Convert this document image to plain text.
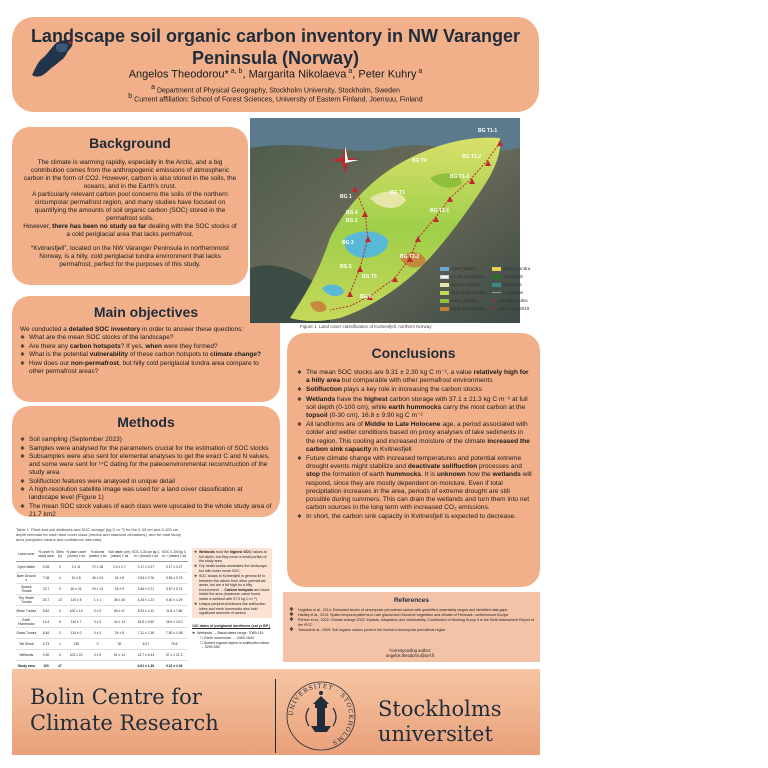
Landscape soil organic carbon inventory in NW Varanger
Peninsula (Norway)
Angelos Theodorou* $^{a, b}$, Margarita Nikolaeva $^a$, Peter Kuhry $^a$
a Department of Physical Geography, Stockholm University, Stockholm, Sweden
b Current affiliation: School of Forest Sciences, University of Eastern Finland, Joensuu, Finland
Background

The climate is warming rapidly, especially in the Arctic, and a big contribution comes from the anthropogenic emissions of atmospheric carbon in the form of CO2. However, carbon is also stored in the soils, the oceans, and in the Earth’s crust.

A particularly relevant carbon pool concerns the soils of the northern circumpolar permafrost region, and many studies have focused on quantifying the amounts of soil organic carbon (SOC) stored in the permafrost soils.

However, there has been no study so far dealing with the SOC stocks of a cold periglacial area that lacks permafrost.

“Kvitnesfjell”, located on the NW Varanger Peninsula in northernmost Norway, is a hilly, cold periglacial tundra environment that lacks permafrost, perfect for the purposes of this study.

Main objectives

We conducted a detailed SOC inventory in order to answer these questions:

❖ What are the mean SOC stocks of the landscape?
❖ Are there any carbon hotspots? If yes, when were they formed?
❖ What is the potential vulnerability of these carbon hotspots to climate change?
❖ How does our non-permafrost, but hilly cold periglacial tundra area compare to other permafrost areas?
Methods
❖ Soil sampling (September 2023)
❖ Samples were analysed for the parameters crucial for the estimation of SOC stocks
❖ Subsamples were also sent for elemental analyses to get the exact C and N values, and some were sent for ¹⁴C dating for the paleoenvironmental reconstruction of the study area
❖ Solifluction features were analysed in unique detail
❖ A high-resolution satellite image was used for a land cover classification at landscape level (Figure 1)
❖ The mean SOC stock values of each class were upscaled to the whole study area of 21.7 km2
BG T1-1
BG T1-2
BG T1-3
BG T2-1
BG T2-2
BG 1
BG 2
BG 3
BG 4
BG T3
BG T4
BG T5
BG 5
BG 6
Open Water
Snow Snowbeds
Sparse Tundra
Dry Heath Tundra
Mesic Tundra
Earth Hummocks
Grass Tundra
Tall Shrub
Wetlands
Footpaths
▲ Sampling sites
✶ Sites from 2018
Figure 1. Land cover classification of Kvitnesfjell, northern Norway
Table 1. Plant and soil attributes and SOC storage (kg C m⁻²) for the 0-30 cm and 0-100 cm depth intervals for each land cover class (means and standard deviations), and for total study area (weighted means and confidence intervals).
Land cover	% cover in study area	Sites (n)	% plant cover (mean) ± sd	% stones (mean) ± sd	Soil depth (cm) (mean) ± sd	SOC 0-30 cm kg C m⁻² (mean) ± sd	SOC 0-100 kg C m⁻² (mean) ± sd
Open Water	0.26	0	3 ± 11	72 ± 18	2.3 ± 2.7	0.17 ± 0.27	0.17 ± 0.27
Bare Ground s	7.08	4	10 ± 8	46 ± 24	24 ± 8	0.54 ± 0.76	0.54 ± 0.76
Sparse Tundra	23.7	9	60 ± 22	29 ± 13	18 ± 9	3.46 ± 0.71	3.57 ± 0.74
Dry Heath Tundra	23.7	13	110 ± 8	1 ± 1	38 ± 26	4.26 ± 1.23	5.40 ± 4.29
Mesic Tundra	8.82	3	100 ± 14	0 ± 0	65 ± 47	8.33 ± 1.22	11.8 ± 7.86
Earth Hummocks	13.4	6	110 ± 7	0 ± 0	44 ± 13	16.8 ± 9.90	16.9 ± 10.0
Grass Tundra	8.46	2	110 ± 0	0 ± 0	24 ± 8	7.11 ± 1.38	7.50 ± 1.96
Tall Shrub	0.73	1	135	0	92	6.07	76.6
Wetlands	0.30	4	103 ± 22	0 ± 0	61 ± 14	13.7 ± 6.34	37.1 ± 21.3
Study area	100	47				6.81 ± 1.36	9.31 ± 2.30
❖ Wetlands hold the highest SOC values at full depth, but they cover a small portion of the study area
❖ Dry heath tundra dominates the landscape, but with lower mean SOC
❖ SOC stocks in Kvitnesfjell in general lie in between the values from other permafrost areas, but are a bit high for a hilly environment → Carbon hotspots are found inside the area (maximum value found inside a wetland with 97.5 kg C m⁻²)
❖ Unique peripheral features like solifluction lobes and earth hummocks also hold significant amounts of carbon
14C dates of periglacial landforms (cal yr BP )
❖ Wetlands → Basal dates range: 7089-119
☐ Earth hummocks → 4363-1644
☐ Buried organic layers in solifluction lobes → 3250-950
Conclusions
❖ The mean SOC stocks are 9.31 ± 2.30 kg C m⁻², a value relatively high for a hilly area but comparable with other permafrost environments
❖ Solifluction plays a key role in increasing the carbon stocks
❖ Wetlands have the highest carbon storage with 37.1 ± 21.3 kg C m⁻² at full soil depth (0-100 cm), while earth hummocks carry the most carbon at the topsoil (0-30 cm), 16.8 ± 9.90 kg C m⁻²
❖ All landforms are of Middle to Late Holocene age, a period associated with colder and wetter conditions based on proxy analyses of lake sediments in the region. This cooling and increased moisture of the climate increased the carbon sink capacity in Kvitnesfjell
❖ Future climate change with increased temperatures and potential extreme drought events might stabilize and deactivate solifluction processes and stop the formation of earth hummocks. It is unknown how the wetlands will respond, since they are mostly dependent on moisture. Even if total precipitation increases in the area, periods of extreme drought are still possible during summers. This can drain the wetlands and turn them into net carbon sources in the long term with increased CO₂ emissions.
❖ In short, the carbon sink capacity in Kvitnesfjell is expected to decrease.
References
❖ Hugelius et al., 2014: Estimated stocks of circumpolar permafrost carbon with quantified uncertainty ranges and identified data gaps
❖ Hartley et al., 2013: Spatio-temporal patterns in Late glacial and Holocene vegetation and climate of Finnmark, northernmost Europe
❖ Pörtner et al., 2022: Climate change 2022: Impacts, Adaptation and Vulnerability. Contribution of Working Group II to the Sixth Assessment Report of the IPCC
❖ Tamocai et al., 2009: Soil organic carbon pools in the northern circumpolar permafrost region
*corresponding author:
angelos.theodorou@uef.fi
Bolin Centre for
Climate Research	UNIVERSITET · STOCKHOLMS
Stockholms
universitet
